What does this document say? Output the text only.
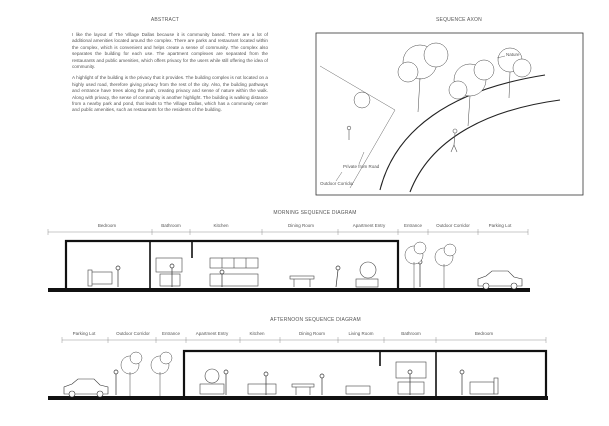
ABSTRACT

I like the layout of The Village Dallas because it is community based. There are a lot of additional amenities located around the complex. There are parks and restaurant located within the complex, which is convenient and helps create a sense of community. The complex also separates the building for each use. The apartment complexes are separated from the restaurants and public amenities, which offers privacy for the users while still offering the idea of community.

A highlight of the building is the privacy that it provides. The building complex is not located on a highly used road, therefore giving privacy from the rest of the city. Also, the building pathways and entrance have trees along the path, creating privacy and sense of nature within the walk. Along with privacy, the sense of community is another highlight. The building is walking distance from a nearby park and pond, that leads to The Village Dallas, which has a community center and public amenities, such as restaurants for the residents of the building.

SEQUENCE AXON
Nature
Private from Road
Outdoor Corridor
MORNING SEQUENCE DIAGRAM
Bedroom	Bathroom	Kitchen	Dining Room	Apartment Entry	Entrance	Outdoor Corridor	Parking Lot
AFTERNOON SEQUENCE DIAGRAM
Parking Lot	Outdoor Corridor	Entrance	Apartment Entry	Kitchen	Dining Room	Living Room	Bathroom	Bedroom
